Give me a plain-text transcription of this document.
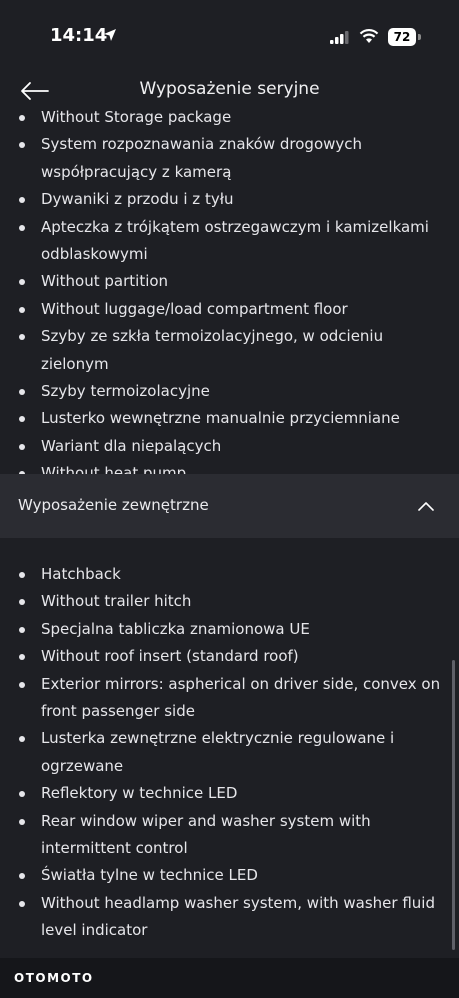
14:14	72
Wyposażenie seryjne
Without Storage package
System rozpoznawania znaków drogowych współpracujący z kamerą
Dywaniki z przodu i z tyłu
Apteczka z trójkątem ostrzegawczym i kamizelkami odblaskowymi
Without partition
Without luggage/load compartment floor
Szyby ze szkła termoizolacyjnego, w odcieniu zielonym
Szyby termoizolacyjne
Lusterko wewnętrzne manualnie przyciemniane
Wariant dla niepalących
Wyposażenie zewnętrzne
Hatchback
Without trailer hitch
Specjalna tabliczka znamionowa UE
Without roof insert (standard roof)
Exterior mirrors: aspherical on driver side, convex on front passenger side
Lusterka zewnętrzne elektrycznie regulowane i ogrzewane
Reflektory w technice LED
Rear window wiper and washer system with intermittent control
Światła tylne w technice LED
Without headlamp washer system, with washer fluid level indicator
OTOMOTO
